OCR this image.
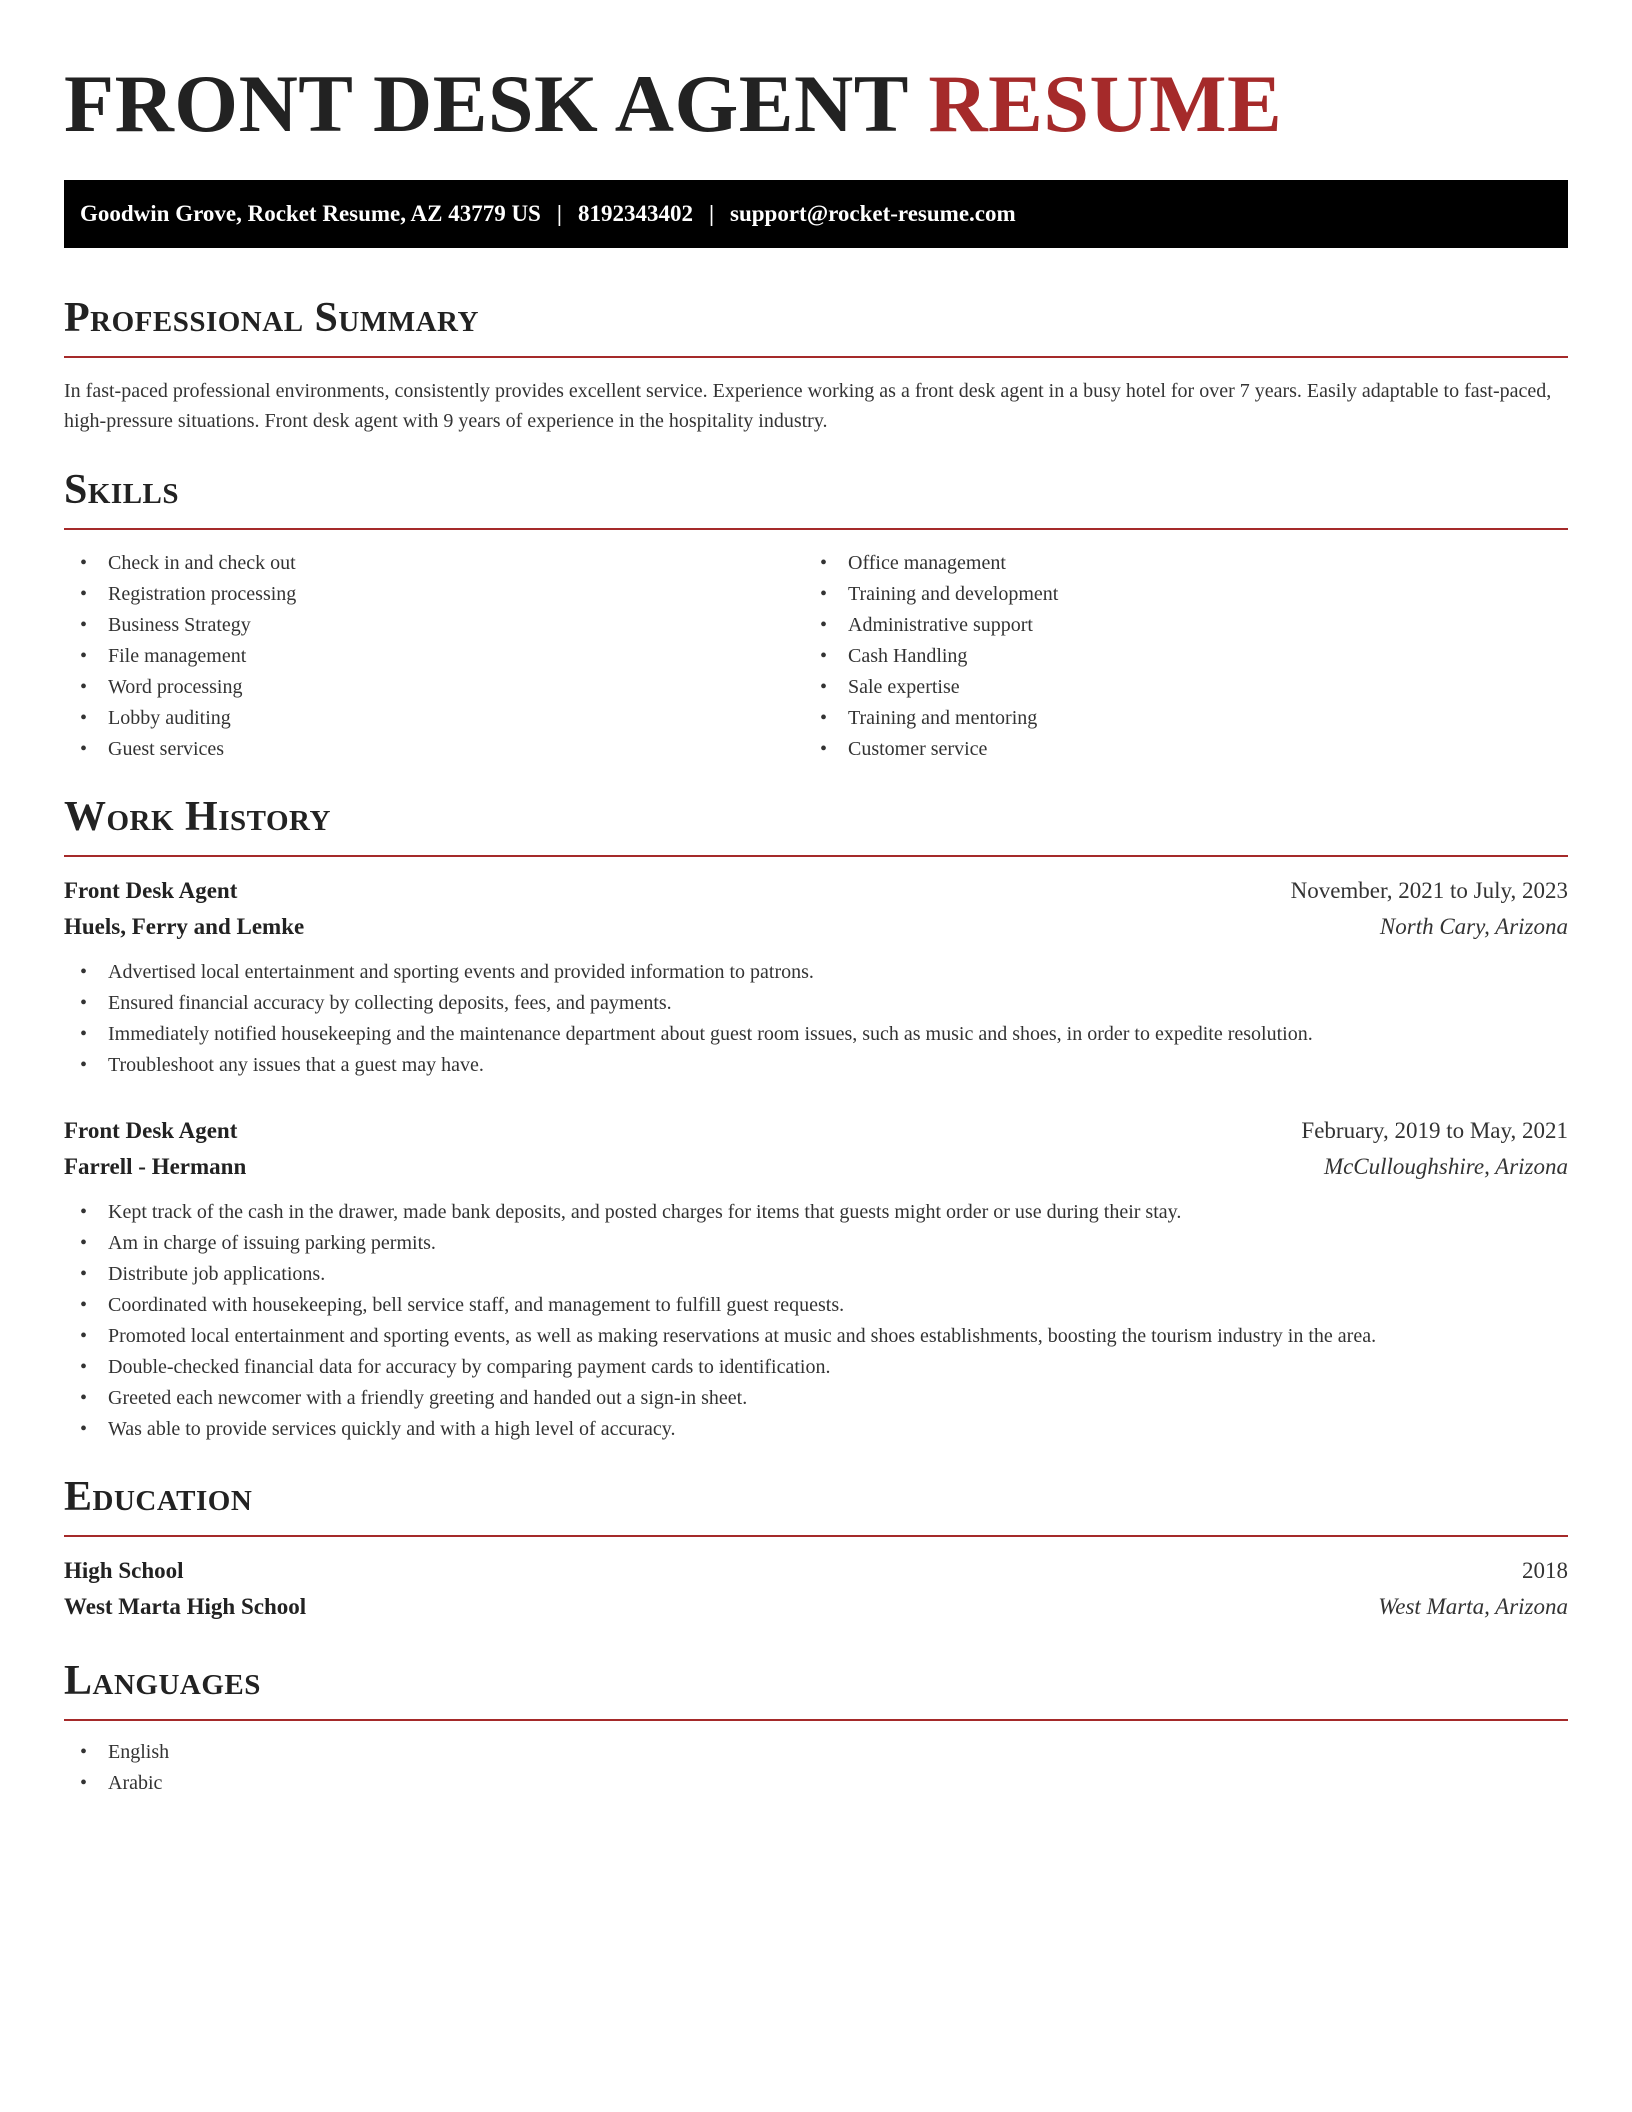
FRONT DESK AGENT RESUME
Goodwin Grove, Rocket Resume, AZ 43779 US | 8192343402 | support@rocket-resume.com
Professional Summary
In fast-paced professional environments, consistently provides excellent service. Experience working as a front desk agent in a busy hotel for over 7 years. Easily adaptable to fast-paced, high-pressure situations. Front desk agent with 9 years of experience in the hospitality industry.
Skills
• Check in and check out
• Registration processing
• Business Strategy
• File management
• Word processing
• Lobby auditing
• Guest services
• Office management
• Training and development
• Administrative support
• Cash Handling
• Sale expertise
• Training and mentoring
• Customer service
Work History
Front Desk Agent	November, 2021 to July, 2023
Huels, Ferry and Lemke	North Cary, Arizona
• Advertised local entertainment and sporting events and provided information to patrons.
• Ensured financial accuracy by collecting deposits, fees, and payments.
• Immediately notified housekeeping and the maintenance department about guest room issues, such as music and shoes, in order to expedite resolution.
• Troubleshoot any issues that a guest may have.
Front Desk Agent	February, 2019 to May, 2021
Farrell - Hermann	McCulloughshire, Arizona
• Kept track of the cash in the drawer, made bank deposits, and posted charges for items that guests might order or use during their stay.
• Am in charge of issuing parking permits.
• Distribute job applications.
• Coordinated with housekeeping, bell service staff, and management to fulfill guest requests.
• Promoted local entertainment and sporting events, as well as making reservations at music and shoes establishments, boosting the tourism industry in the area.
• Double-checked financial data for accuracy by comparing payment cards to identification.
• Greeted each newcomer with a friendly greeting and handed out a sign-in sheet.
• Was able to provide services quickly and with a high level of accuracy.
Education
High School	2018
West Marta High School	West Marta, Arizona
Languages
• English
• Arabic
